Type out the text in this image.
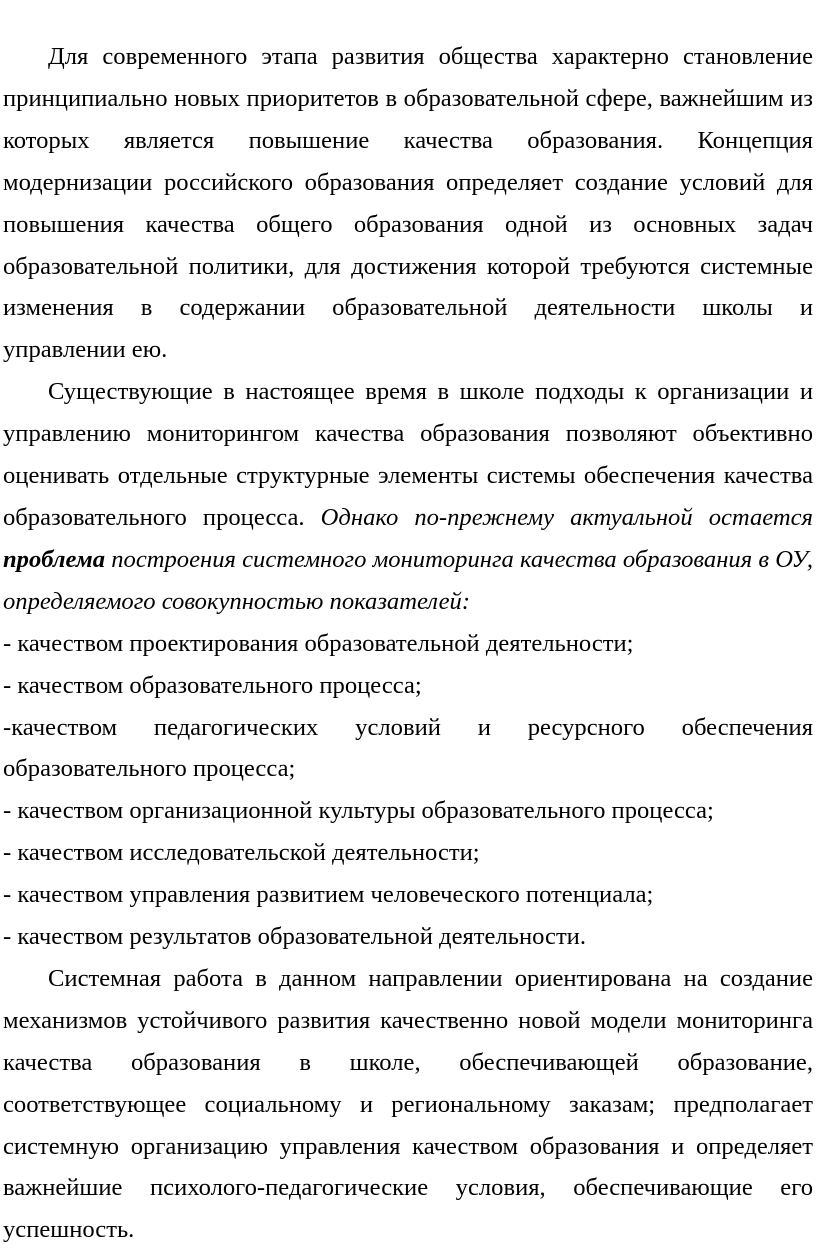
Для современного этапа развития общества характерно становление принципиально новых приоритетов в образовательной сфере, важнейшим из которых является повышение качества образования. Концепция модернизации российского образования определяет создание условий для повышения качества общего образования одной из основных задач образовательной политики, для достижения которой требуются системные изменения в содержании образовательной деятельности школы и управлении ею.

Существующие в настоящее время в школе подходы к организации и управлению мониторингом качества образования позволяют объективно оценивать отдельные структурные элементы системы обеспечения качества образовательного процесса. Однако по-прежнему актуальной остается проблема построения системного мониторинга качества образования в ОУ, определяемого совокупностью показателей:

- качеством проектирования образовательной деятельности;
- качеством образовательного процесса;
-качеством педагогических условий и ресурсного обеспечения образовательного процесса;
- качеством организационной культуры образовательного процесса;
- качеством исследовательской деятельности;
- качеством управления развитием человеческого потенциала;
- качеством результатов образовательной деятельности.

Системная работа в данном направлении ориентирована на создание механизмов устойчивого развития качественно новой модели мониторинга качества образования в школе, обеспечивающей образование, соответствующее социальному и региональному заказам; предполагает системную организацию управления качеством образования и определяет важнейшие психолого-педагогические условия, обеспечивающие его успешность.
